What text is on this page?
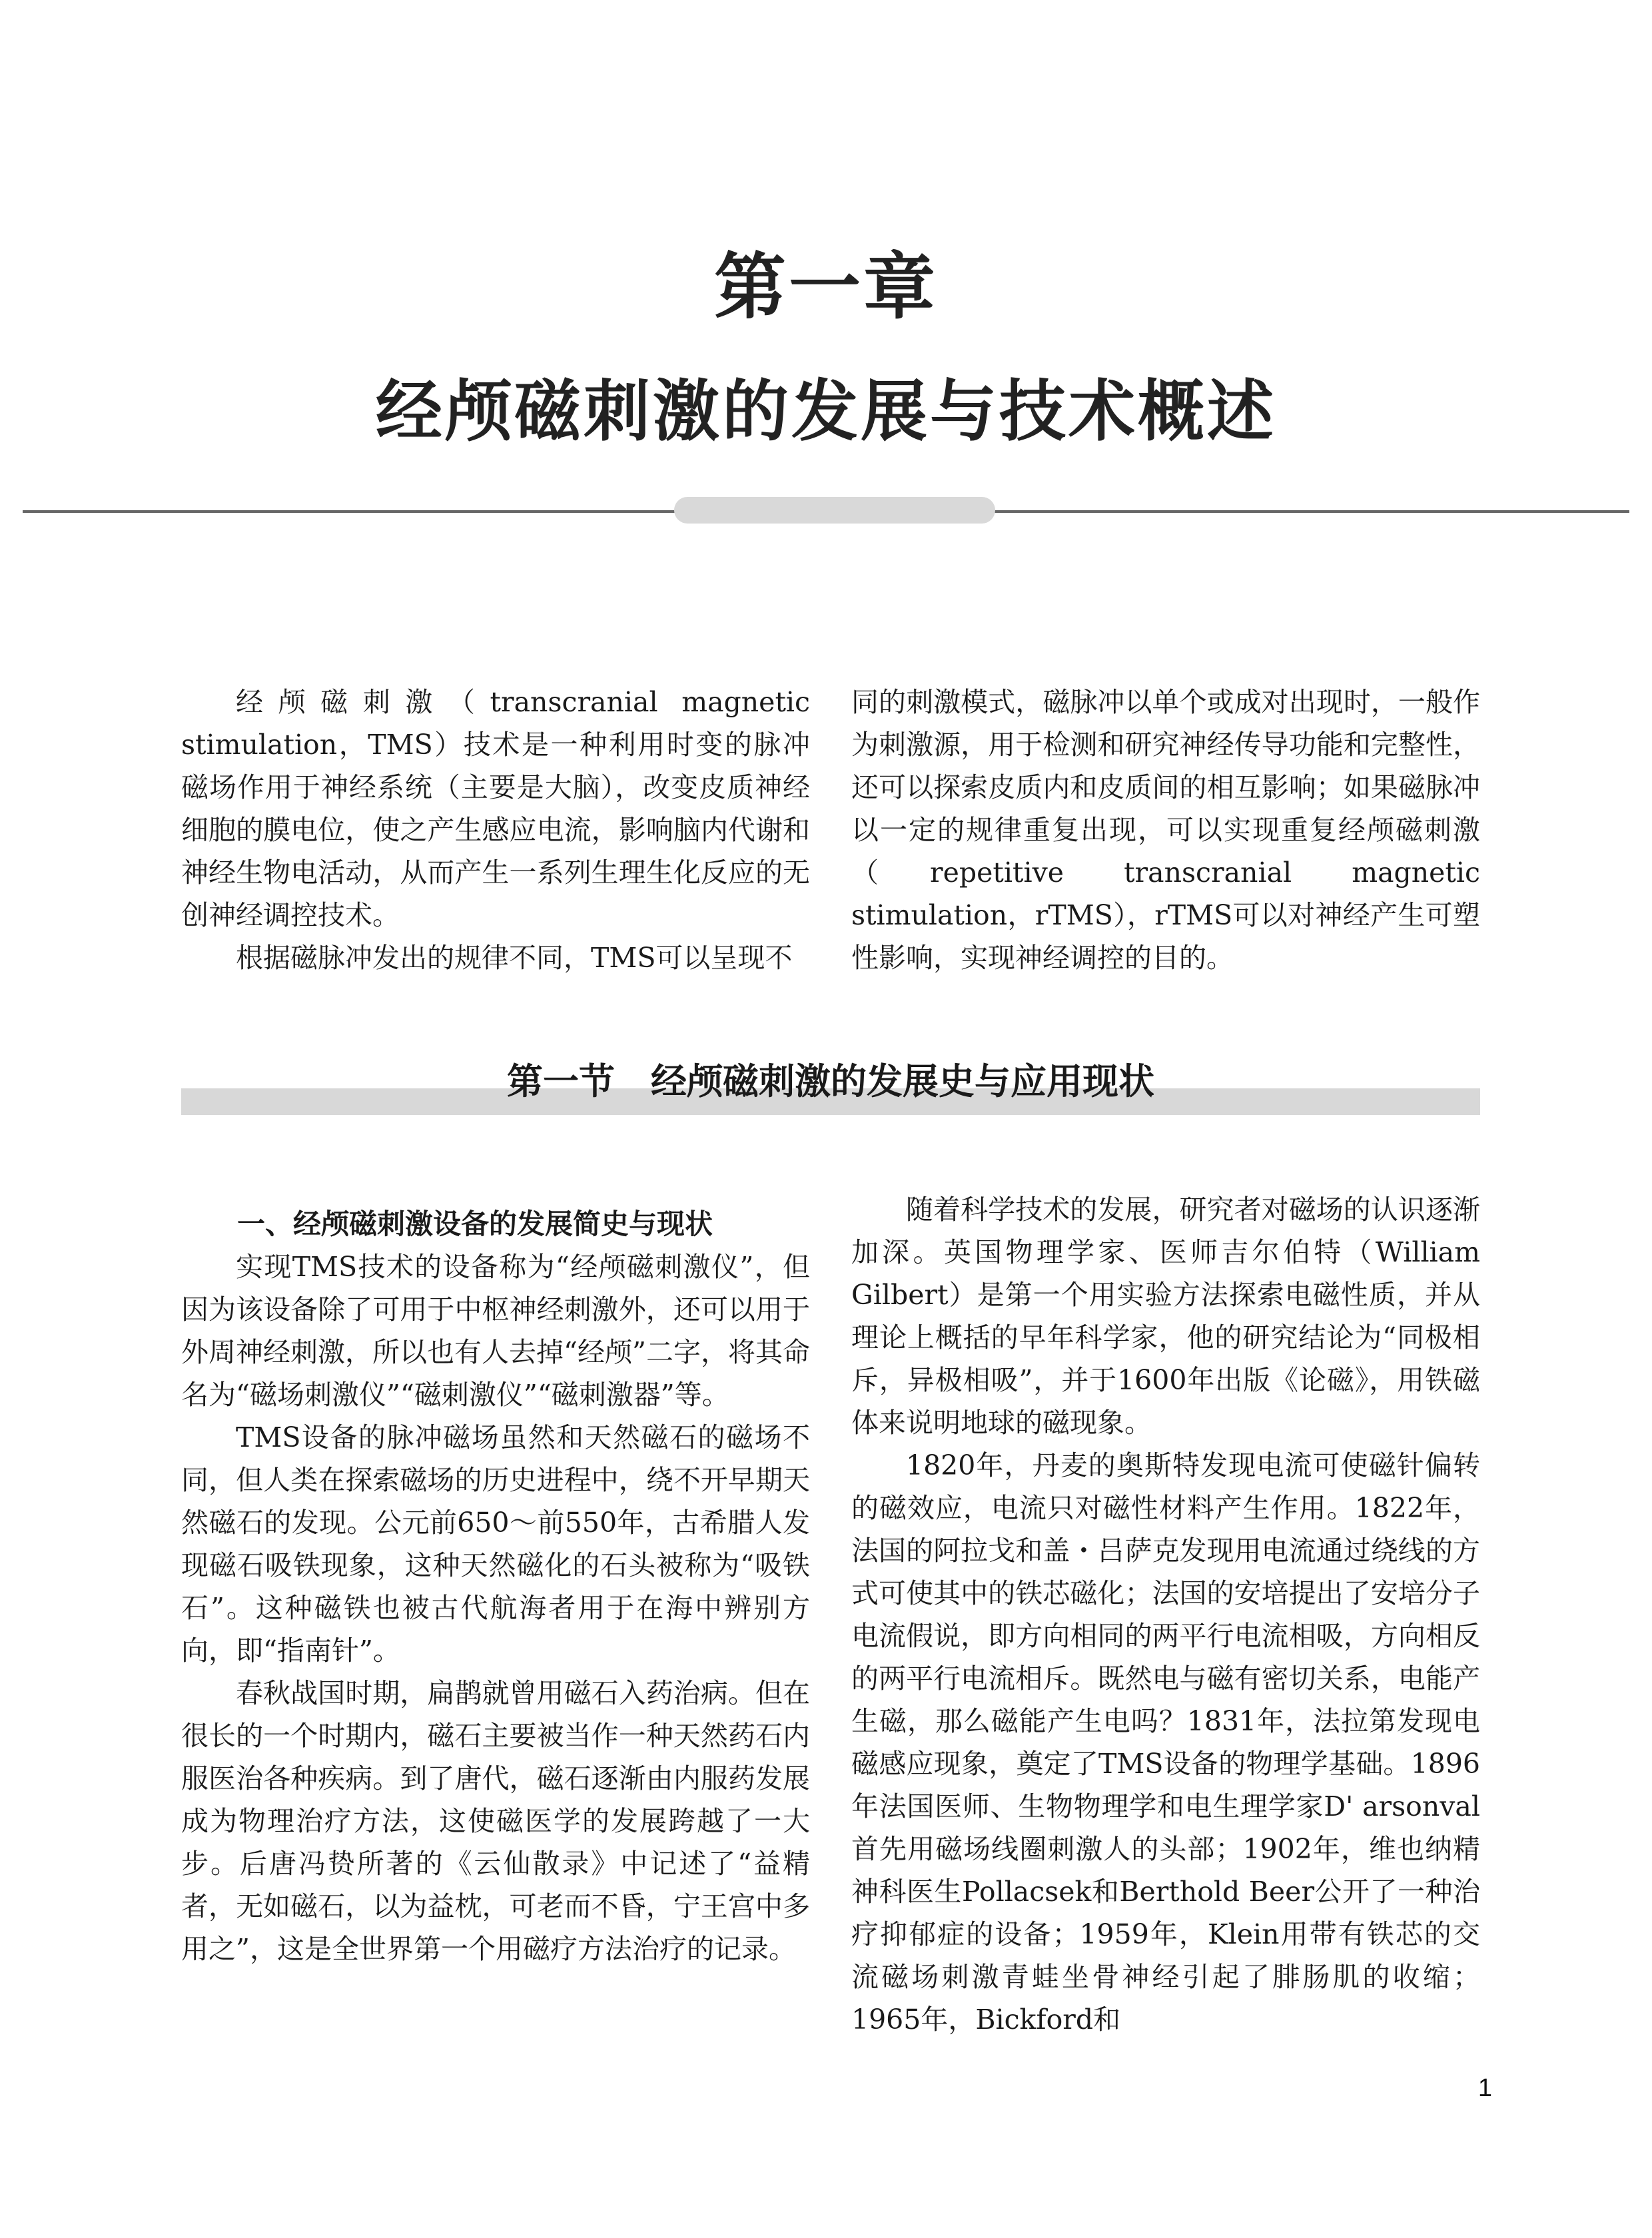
第一章
经颅磁刺激的发展与技术概述

经颅磁刺激（transcranial magnetic stimulation，TMS）技术是一种利用时变的脉冲磁场作用于神经系统（主要是大脑），改变皮质神经细胞的膜电位，使之产生感应电流，影响脑内代谢和神经生物电活动，从而产生一系列生理生化反应的无创神经调控技术。

根据磁脉冲发出的规律不同，TMS可以呈现不

同的刺激模式，磁脉冲以单个或成对出现时，一般作为刺激源，用于检测和研究神经传导功能和完整性，还可以探索皮质内和皮质间的相互影响；如果磁脉冲以一定的规律重复出现，可以实现重复经颅磁刺激（repetitive transcranial magnetic stimulation，rTMS），rTMS可以对神经产生可塑性影响，实现神经调控的目的。

第一节　经颅磁刺激的发展史与应用现状

一、经颅磁刺激设备的发展简史与现状

实现TMS技术的设备称为“经颅磁刺激仪”，但因为该设备除了可用于中枢神经刺激外，还可以用于外周神经刺激，所以也有人去掉“经颅”二字，将其命名为“磁场刺激仪”“磁刺激仪”“磁刺激器”等。

TMS设备的脉冲磁场虽然和天然磁石的磁场不同，但人类在探索磁场的历史进程中，绕不开早期天然磁石的发现。公元前650～前550年，古希腊人发现磁石吸铁现象，这种天然磁化的石头被称为“吸铁石”。这种磁铁也被古代航海者用于在海中辨别方向，即“指南针”。

春秋战国时期，扁鹊就曾用磁石入药治病。但在很长的一个时期内，磁石主要被当作一种天然药石内服医治各种疾病。到了唐代，磁石逐渐由内服药发展成为物理治疗方法，这使磁医学的发展跨越了一大步。后唐冯贽所著的《云仙散录》中记述了“益精者，无如磁石，以为益枕，可老而不昏，宁王宫中多用之”，这是全世界第一个用磁疗方法治疗的记录。

随着科学技术的发展，研究者对磁场的认识逐渐加深。英国物理学家、医师吉尔伯特（William Gilbert）是第一个用实验方法探索电磁性质，并从理论上概括的早年科学家，他的研究结论为“同极相斥，异极相吸”，并于1600年出版《论磁》，用铁磁体来说明地球的磁现象。

1820年，丹麦的奥斯特发现电流可使磁针偏转的磁效应，电流只对磁性材料产生作用。1822年，法国的阿拉戈和盖・吕萨克发现用电流通过绕线的方式可使其中的铁芯磁化；法国的安培提出了安培分子电流假说，即方向相同的两平行电流相吸，方向相反的两平行电流相斥。既然电与磁有密切关系，电能产生磁，那么磁能产生电吗？1831年，法拉第发现电磁感应现象，奠定了TMS设备的物理学基础。1896年法国医师、生物物理学和电生理学家D' arsonval首先用磁场线圈刺激人的头部；1902年，维也纳精神科医生Pollacsek和Berthold Beer公开了一种治疗抑郁症的设备；1959年，Klein用带有铁芯的交流磁场刺激青蛙坐骨神经引起了腓肠肌的收缩；1965年，Bickford和

1
